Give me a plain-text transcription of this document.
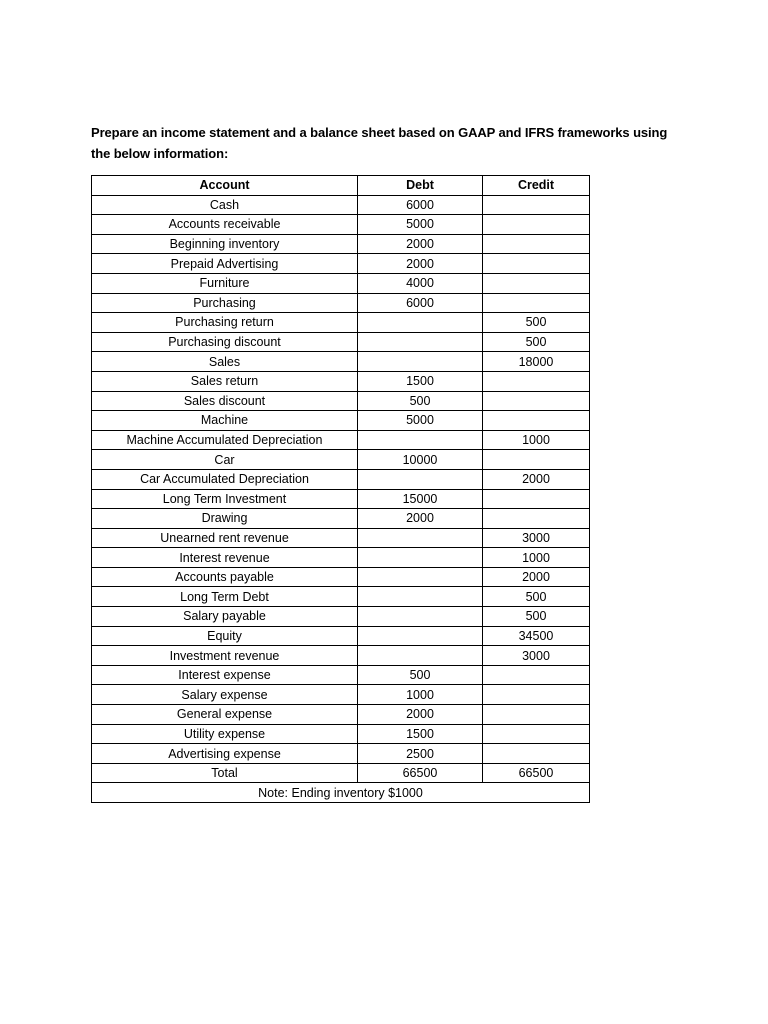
Prepare an income statement and a balance sheet based on GAAP and IFRS frameworks using
the below information:
Account	Debt	Credit
Cash	6000	
Accounts receivable	5000	
Beginning inventory	2000	
Prepaid Advertising	2000	
Furniture	4000	
Purchasing	6000	
Purchasing return		500
Purchasing discount		500
Sales		18000
Sales return	1500	
Sales discount	500	
Machine	5000	
Machine Accumulated Depreciation		1000
Car	10000	
Car Accumulated Depreciation		2000
Long Term Investment	15000	
Drawing	2000	
Unearned rent revenue		3000
Interest revenue		1000
Accounts payable		2000
Long Term Debt		500
Salary payable		500
Equity		34500
Investment revenue		3000
Interest expense	500	
Salary expense	1000	
General expense	2000	
Utility expense	1500	
Advertising expense	2500	
Total	66500	66500
Note: Ending inventory $1000		
